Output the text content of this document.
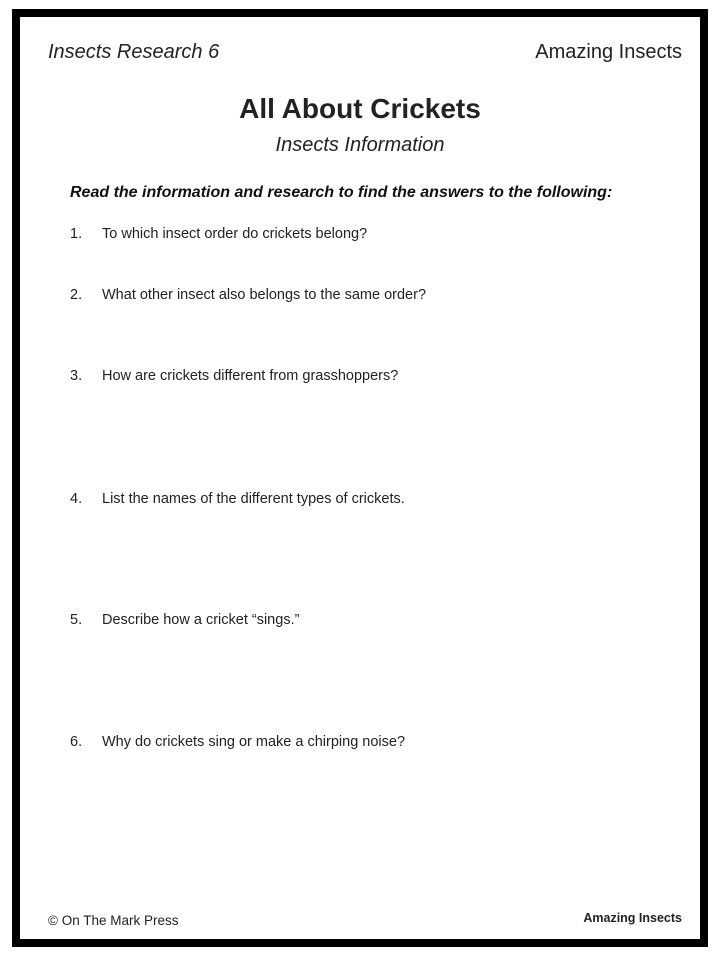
Insects Research 6	Amazing Insects
All About Crickets
Insects Information
Read the information and research to find the answers to the following:
1. To which insect order do crickets belong?
2. What other insect also belongs to the same order?
3. How are crickets different from grasshoppers?
4. List the names of the different types of crickets.
5. Describe how a cricket “sings.”
6. Why do crickets sing or make a chirping noise?
© On The Mark Press	Amazing Insects
